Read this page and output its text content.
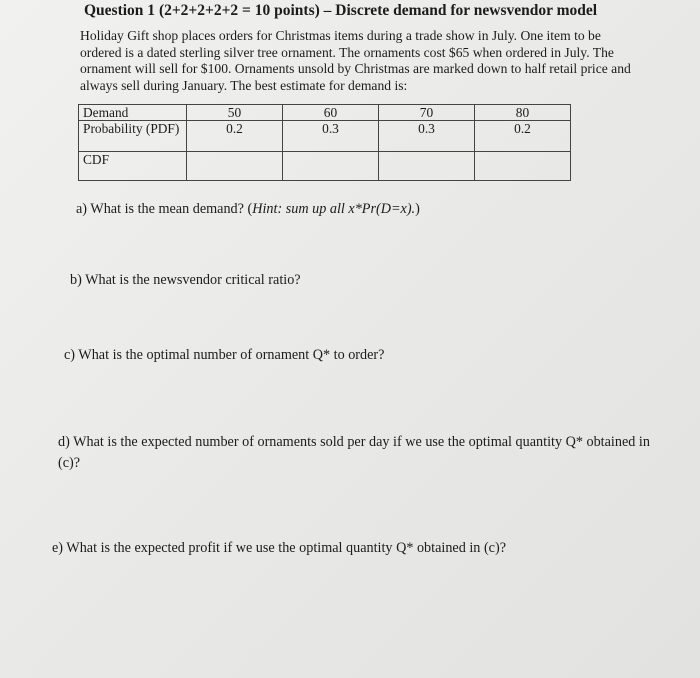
Question 1 (2+2+2+2+2 = 10 points) – Discrete demand for newsvendor model
Holiday Gift shop places orders for Christmas items during a trade show in July. One item to be ordered is a dated sterling silver tree ornament. The ornaments cost $65 when ordered in July. The ornament will sell for $100. Ornaments unsold by Christmas are marked down to half retail price and always sell during January. The best estimate for demand is:
Demand	50	60	70	80
Probability (PDF)	0.2	0.3	0.3	0.2
CDF				
a) What is the mean demand? (Hint: sum up all x*Pr(D=x).)
b) What is the newsvendor critical ratio?
c) What is the optimal number of ornament Q* to order?
d) What is the expected number of ornaments sold per day if we use the optimal quantity Q* obtained in (c)?
e) What is the expected profit if we use the optimal quantity Q* obtained in (c)?
